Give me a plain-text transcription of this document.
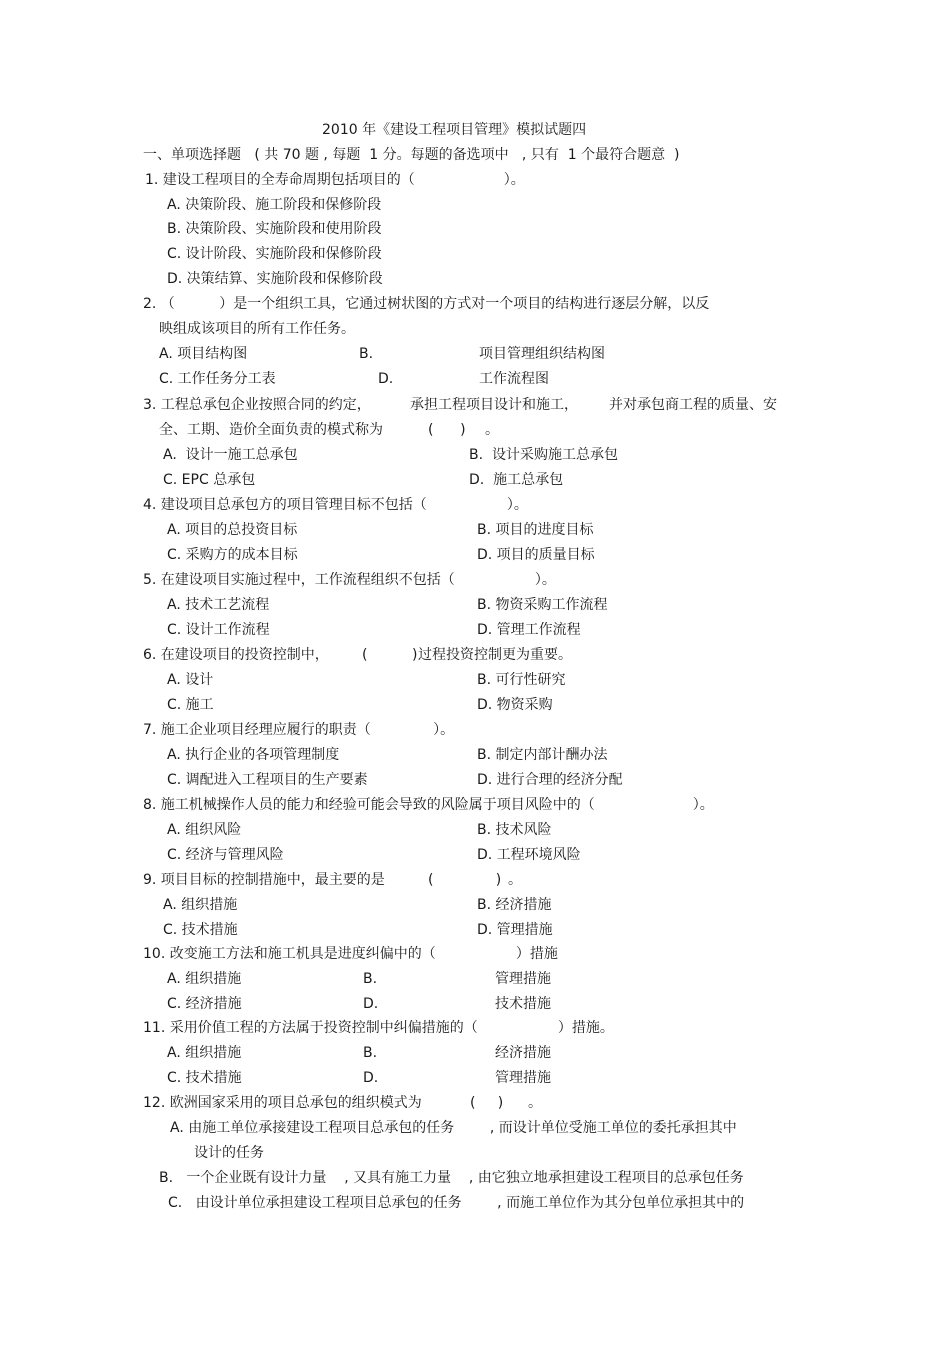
2010 年《建设工程项目管理》模拟试题四
一、单项选择题   ( 共 70 题 , 每题  1 分。每题的备选项中   , 只有  1 个最符合题意  )
1. 建设工程项目的全寿命周期包括项目的（                    ）。
A. 决策阶段、施工阶段和保修阶段
B. 决策阶段、实施阶段和使用阶段
C. 设计阶段、实施阶段和保修阶段
D. 决策结算、实施阶段和保修阶段
2. （          ）是一个组织工具，它通过树状图的方式对一个项目的结构进行逐层分解，以反
映组成该项目的所有工作任务。
A. 项目结构图	B.	项目管理组织结构图
C. 工作任务分工表	D.	工作流程图
3. 工程总承包企业按照合同的约定，	承担工程项目设计和施工， 并对承包商工程的质量、安
全、工期、造价全面负责的模式称为	(      ) 。
A.  设计一施工总承包	B.  设计采购施工总承包
C. EPC 总承包	D.  施工总承包
4. 建设项目总承包方的项目管理目标不包括（                  ）。
A. 项目的总投资目标	B. 项目的进度目标
C. 采购方的成本目标	D. 项目的质量目标
5. 在建设项目实施过程中，工作流程组织不包括（                  ）。
A. 技术工艺流程	B. 物资采购工作流程
C. 设计工作流程	D. 管理工作流程
6. 在建设项目的投资控制中， (          ) 过程投资控制更为重要。
A. 设计	B. 可行性研究
C. 施工	D. 物资采购
7. 施工企业项目经理应履行的职责（              ）。
A. 执行企业的各项管理制度	B. 制定内部计酬办法
C. 调配进入工程项目的生产要素	D. 进行合理的经济分配
8. 施工机械操作人员的能力和经验可能会导致的风险属于项目风险中的（                      ）。
A. 组织风险	B. 技术风险
C. 经济与管理风险	D. 工程环境风险
9. 项目目标的控制措施中，最主要的是	(              ) 。
A. 组织措施	B. 经济措施
C. 技术措施	D. 管理措施
10. 改变施工方法和施工机具是进度纠偏中的（                  ）措施
A. 组织措施	B.	管理措施
C. 经济措施	D.	技术措施
11. 采用价值工程的方法属于投资控制中纠偏措施的（                  ）措施。
A. 组织措施	B.	经济措施
C. 技术措施	D.	管理措施
12. 欧洲国家采用的项目总承包的组织模式为	(     ) 。
A. 由施工单位承接建设工程项目总承包的任务        , 而设计单位受施工单位的委托承担其中
设计的任务
B.   一个企业既有设计力量    , 又具有施工力量    , 由它独立地承担建设工程项目的总承包任务
C.   由设计单位承担建设工程项目总承包的任务        , 而施工单位作为其分包单位承担其中的
